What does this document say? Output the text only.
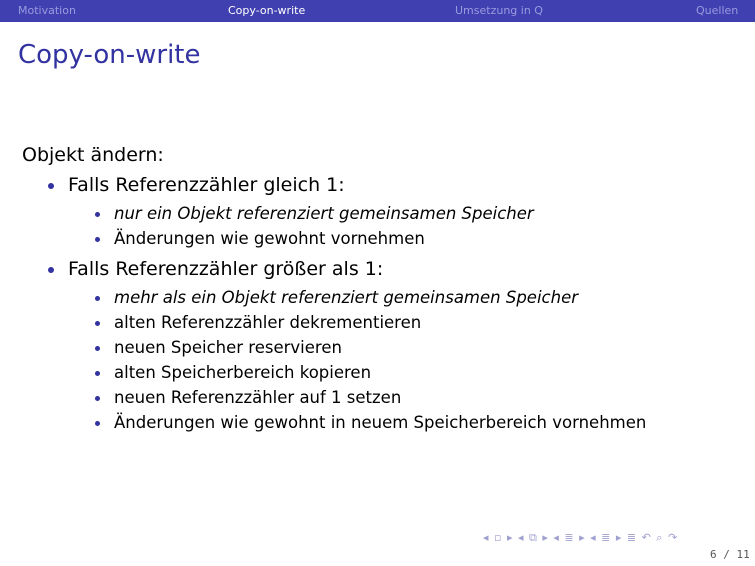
Motivation	Copy-on-write	Umsetzung in Q	Quellen
Copy-on-write

Objekt ändern:

Falls Referenzzähler gleich 1:
nur ein Objekt referenziert gemeinsamen Speicher
Änderungen wie gewohnt vornehmen
Falls Referenzzähler größer als 1:
mehr als ein Objekt referenziert gemeinsamen Speicher
alten Referenzzähler dekrementieren
neuen Speicher reservieren
alten Speicherbereich kopieren
neuen Referenzzähler auf 1 setzen
Änderungen wie gewohnt in neuem Speicherbereich vornehmen
◂ ▫ ▸ ◂ ⧉ ▸ ◂ ≣ ▸ ◂ ≣ ▸ ≣ ↶ ⌕ ↷
6 / 11
